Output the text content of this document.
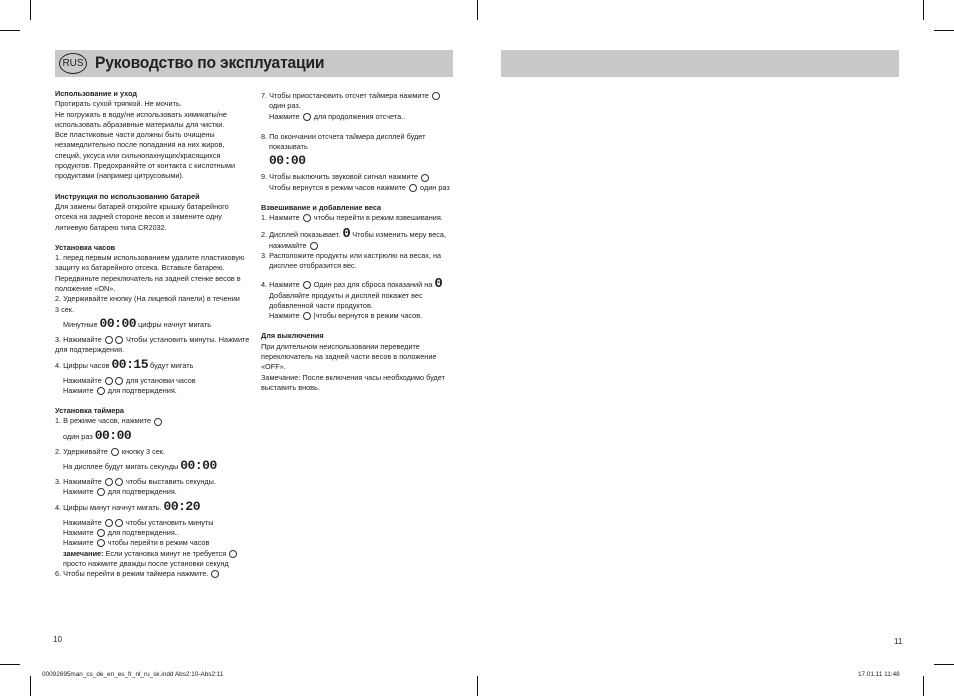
RUS Руководство по эксплуатации
Использование и уход
Протирать сухой тряпкой. Не мочить.
Не погружать в воду/не использовать химикаты/не
использовать абразивные материалы для чистки.
Все пластиковые части должны быть очищены
незамедлительно после попадания на них жиров,
специй, уксуса или сильнопахнущих/красящихся
продуктов. Предохраняйте от контакта с кислотными
продуктами (например цитрусовыми).
Инструкция по использованию батарей
Для замены батарей откройте крышку батарейного
отсека на задней стороне весов и замените одну
литиевую батарею типа CR2032.
Установка часов
1. перед первым использованием удалите пластиковую
защиту из батарейного отсека. Вставьте батарею.
Передвиньте переключатель на задней стенке весов в
положение «ON».
2. Удерживайте кнопку (На лицевой панели) в течении
3 сек.
Минутные 00:00 цифры начнут мигать
3. Нажимайте	Чтобы установить минуты. Нажмите
для подтверждения.
4. Цифры часов 00:15 будут мигать
Нажимайте	для установки часов
Нажмите для подтверждения.
Установка таймера
1. В режиме часов, нажмите
один раз 00:00
2. Удерживайте кнопку 3 сек.
На дисплее будут мигать секунды 00:00
3. Нажимайте	чтобы выставить секунды.
Нажмите для подтверждения.
4. Цифры минут начнут мигать. 00:20
Нажимайте	чтобы установить минуты
Нажмите для подтверждения..
Нажмите чтобы перейти в режим часов
замечание: Если установка минут не требуется
просто нажмите дважды после установки секунд
6. Чтобы перейти в режим таймера нажмите.
7. Чтобы приостановить отсчет таймера нажмите
один раз.
Нажмите для продолжения отсчета..
8. По окончании отсчета таймера дисплей будет
показывать
00:00
9. Чтобы выключить звуковой сигнал нажмите
Чтобы вернутся в режим часов нажмите один раз
Взвешивание и добавление веса
1. Нажмите чтобы перейти в режим взвешивания.
2. Дисплей показывает. 0 Чтобы изменить меру веса,
нажимайте
3. Расположите продукты или кастрюлю на весах, на
дисплее отобразится вес.
4. Нажмите Один раз для сброса показаний на 0
Добавляйте продукты и дисплей покажет вес
добавленной части продуктов.
Нажмите |чтобы вернутся в режим часов.
Для выключения
При длительном неиспользовании переведите
переключатель на задней части весов в положение
«OFF».
Замечание: После включения часы необходимо будет
выставить вновь.
10	11
00092695man_cs_de_en_es_fr_nl_ru_sk.indd Abs2:10-Abs2:11	17.01.11 11:48
